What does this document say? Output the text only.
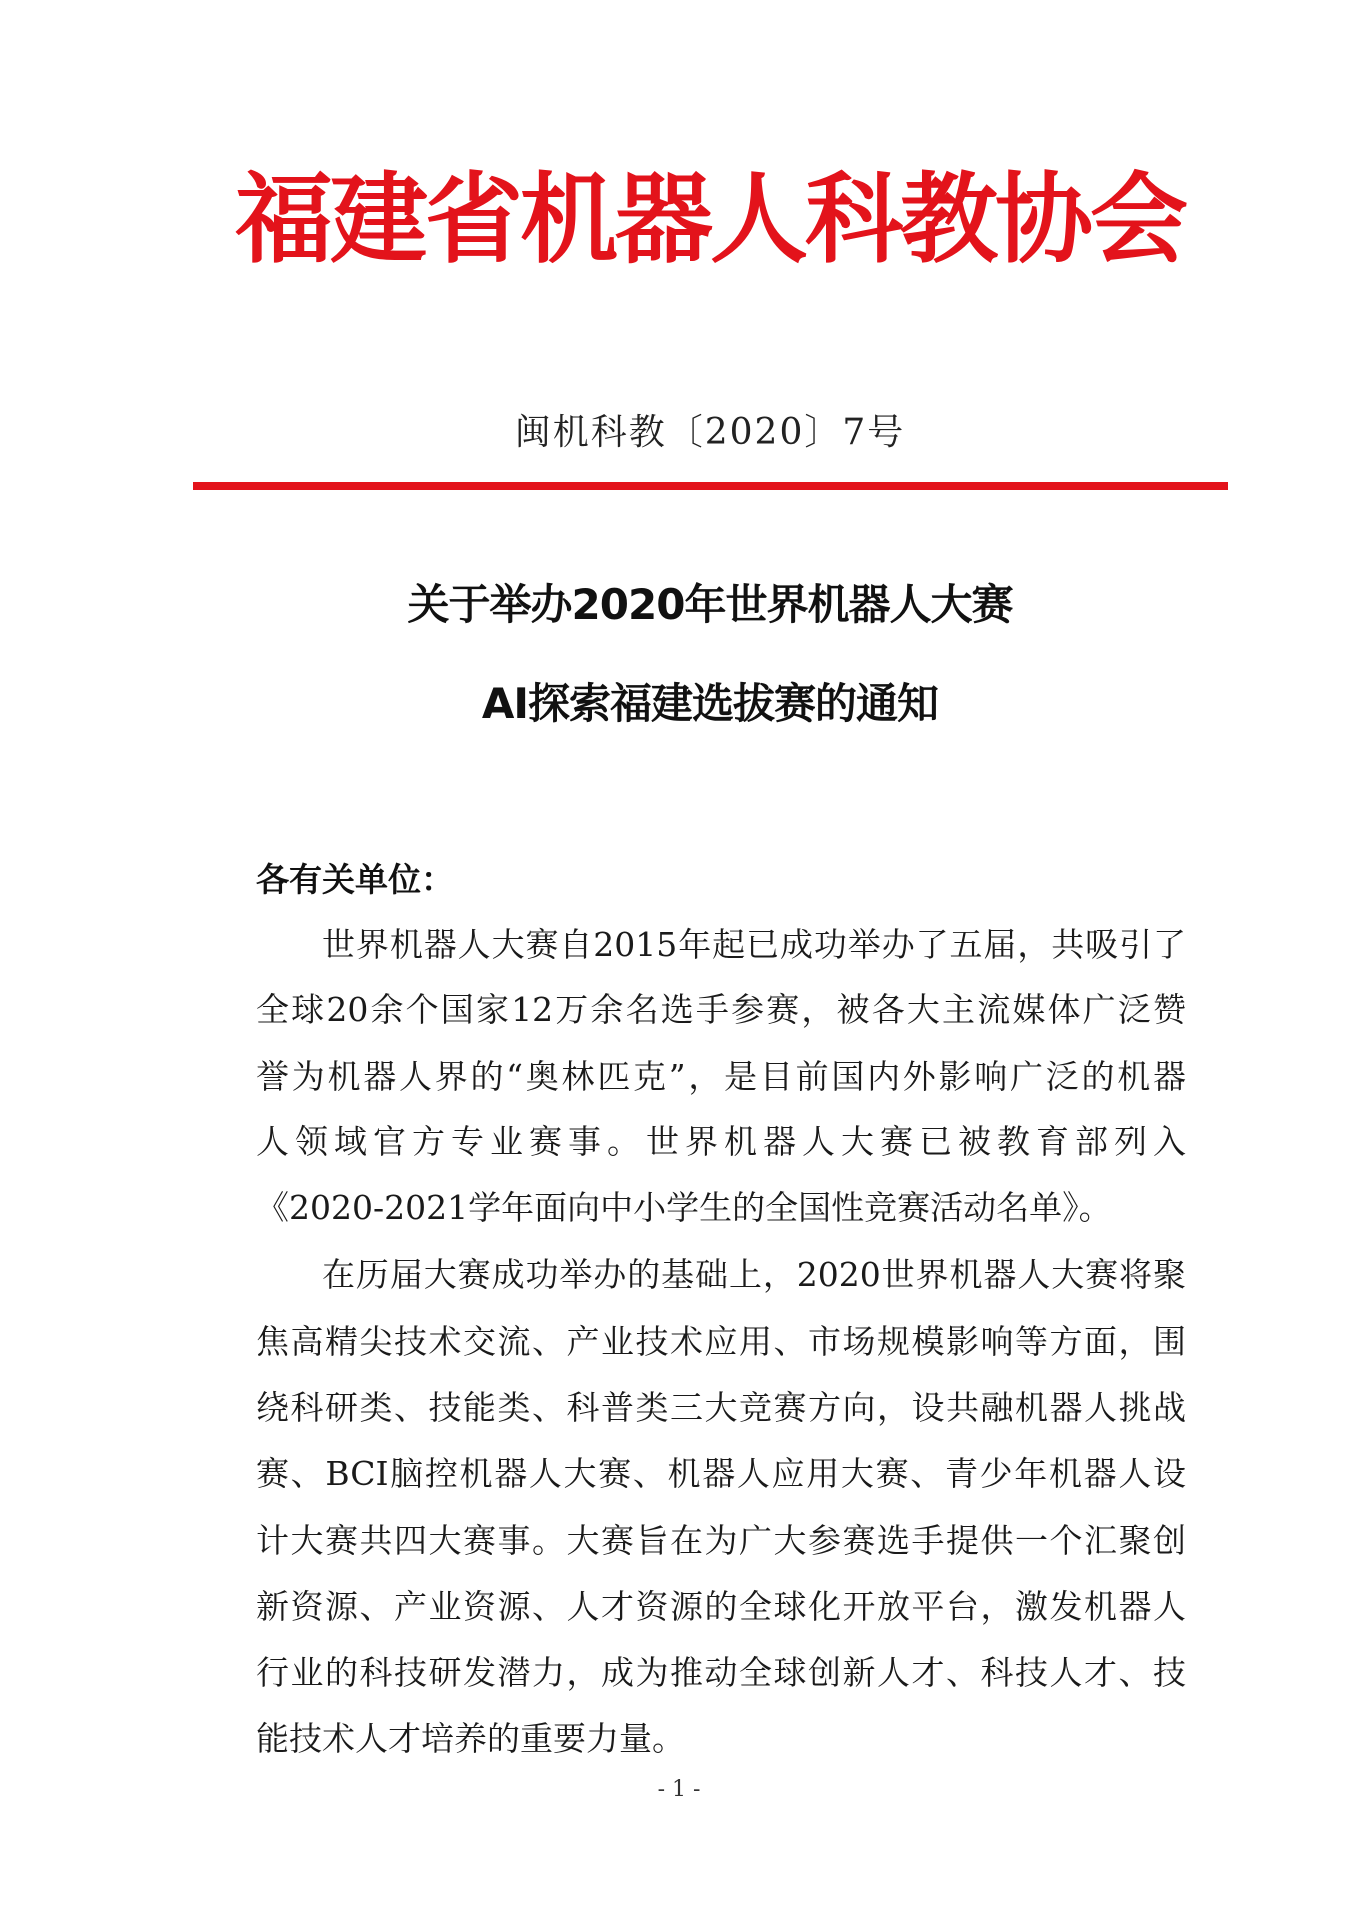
福建省机器人科教协会
闽机科教〔2020〕7号
关于举办2020年世界机器人大赛
AI探索福建选拔赛的通知
各有关单位：
世界机器人大赛自2015年起已成功举办了五届，共吸引了
全球20余个国家12万余名选手参赛，被各大主流媒体广泛赞
誉为机器人界的“奥林匹克”，是目前国内外影响广泛的机器
人领域官方专业赛事。世界机器人大赛已被教育部列入
《2020-2021学年面向中小学生的全国性竞赛活动名单》。
在历届大赛成功举办的基础上，2020世界机器人大赛将聚
焦高精尖技术交流、产业技术应用、市场规模影响等方面，围
绕科研类、技能类、科普类三大竞赛方向，设共融机器人挑战
赛、BCI脑控机器人大赛、机器人应用大赛、青少年机器人设
计大赛共四大赛事。大赛旨在为广大参赛选手提供一个汇聚创
新资源、产业资源、人才资源的全球化开放平台，激发机器人
行业的科技研发潜力，成为推动全球创新人才、科技人才、技
能技术人才培养的重要力量。
- 1 -
